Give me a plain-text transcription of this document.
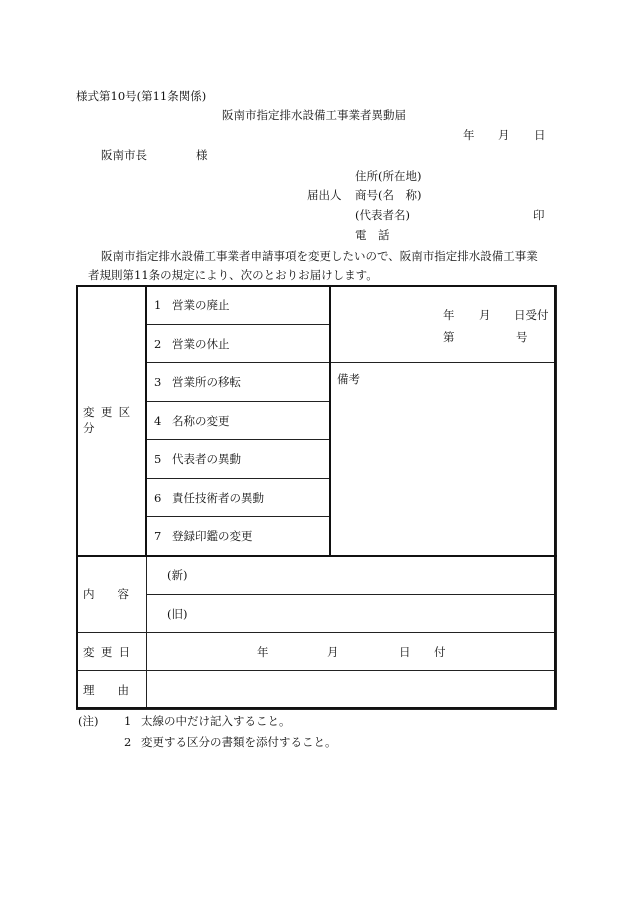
様式第10号(第11条関係)
阪南市指定排水設備工事業者異動届
年 月 日
阪南市長	様
住所(所在地)
届出人 商号(名　称)
(代表者名)	印
電　話
阪南市指定排水設備工事業者申請事項を変更したいので、阪南市指定排水設備工事業
者規則第11条の規定により、次のとおりお届けします。
変更区分	1 営業の廃止	年 月 日受付
第 号

	2 営業の休止	
	3 営業所の移転	備考
	4 名称の変更	
	5 代表者の異動	
	6 責任技術者の異動	
	7 登録印鑑の変更	
内　　容	(新)	
	(旧)	
変更日	年 月 日 付	

理　　由		
(注) 1 太線の中だけ記入すること。
2 変更する区分の書類を添付すること。
